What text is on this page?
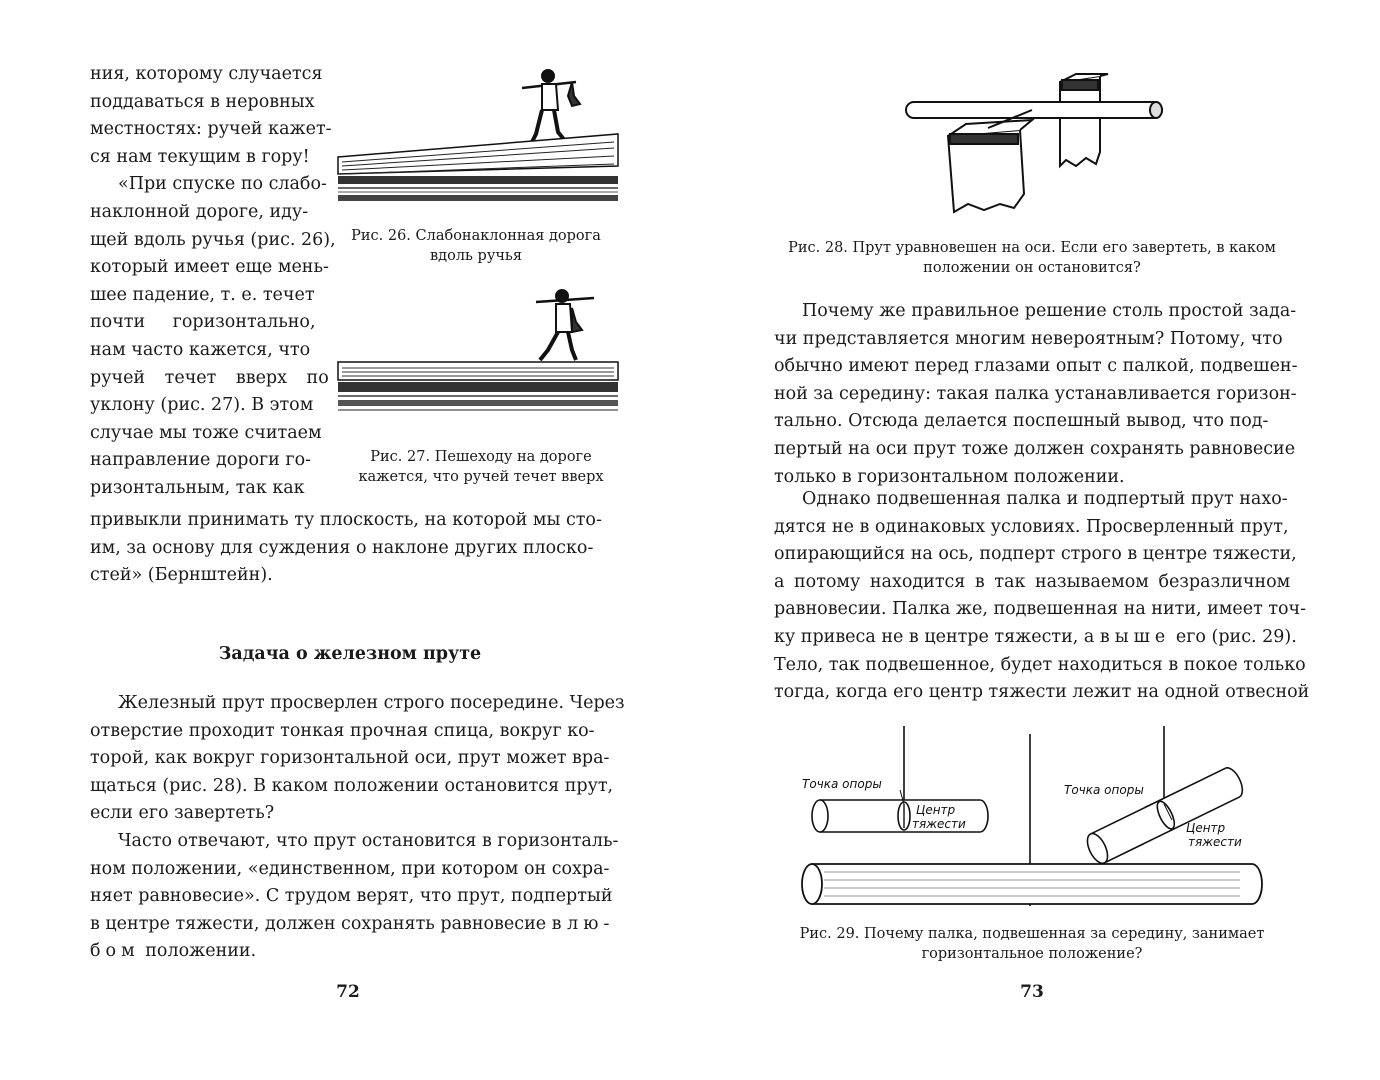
ния, которому случается
поддаваться в неровных
местностях: ручей кажет-
ся нам текущим в гору!
«При спуске по слабо-
наклонной дороге, иду-
щей вдоль ручья (рис. 26),
который имеет еще мень-
шее падение, т. е. течет
почти горизонтально,
нам часто кажется, что
ручей течет вверх по
уклону (рис. 27). В этом
случае мы тоже считаем
направление дороги го-
ризонтальным, так как
привыкли принимать ту плоскость, на которой мы сто-
им, за основу для суждения о наклоне других плоско-
стей» (Бернштейн).
Рис. 26. Слабонаклонная дорога
вдоль ручья
Рис. 27. Пешеходу на дороге
кажется, что ручей течет вверх
Задача о железном пруте
Железный прут просверлен строго посередине. Через
отверстие проходит тонкая прочная спица, вокруг ко-
торой, как вокруг горизонтальной оси, прут может вра-
щаться (рис. 28). В каком положении остановится прут,
если его завертеть?
Часто отвечают, что прут остановится в горизонталь-
ном положении, «единственном, при котором он сохра-
няет равновесие». С трудом верят, что прут, подпертый
в центре тяжести, должен сохранять равновесие в лю-
бом положении.
72
Рис. 28. Прут уравновешен на оси. Если его завертеть, в каком
положении он остановится?
Почему же правильное решение столь простой зада-
чи представляется многим невероятным? Потому, что
обычно имеют перед глазами опыт с палкой, подвешен-
ной за середину: такая палка устанавливается горизон-
тально. Отсюда делается поспешный вывод, что под-
пертый на оси прут тоже должен сохранять равновесие
только в горизонтальном положении.
Однако подвешенная палка и подпертый прут нахо-
дятся не в одинаковых условиях. Просверленный прут,
опирающийся на ось, подперт строго в центре тяжести,
а потому находится в так называемом безразличном
равновесии. Палка же, подвешенная на нити, имеет точ-
ку привеса не в центре тяжести, а выше его (рис. 29).
Тело, так подвешенное, будет находиться в покое только
тогда, когда его центр тяжести лежит на одной отвесной
Точка опоры
Центр
тяжести
Точка опоры
Центр
тяжести
Рис. 29. Почему палка, подвешенная за середину, занимает
горизонтальное положение?
73
